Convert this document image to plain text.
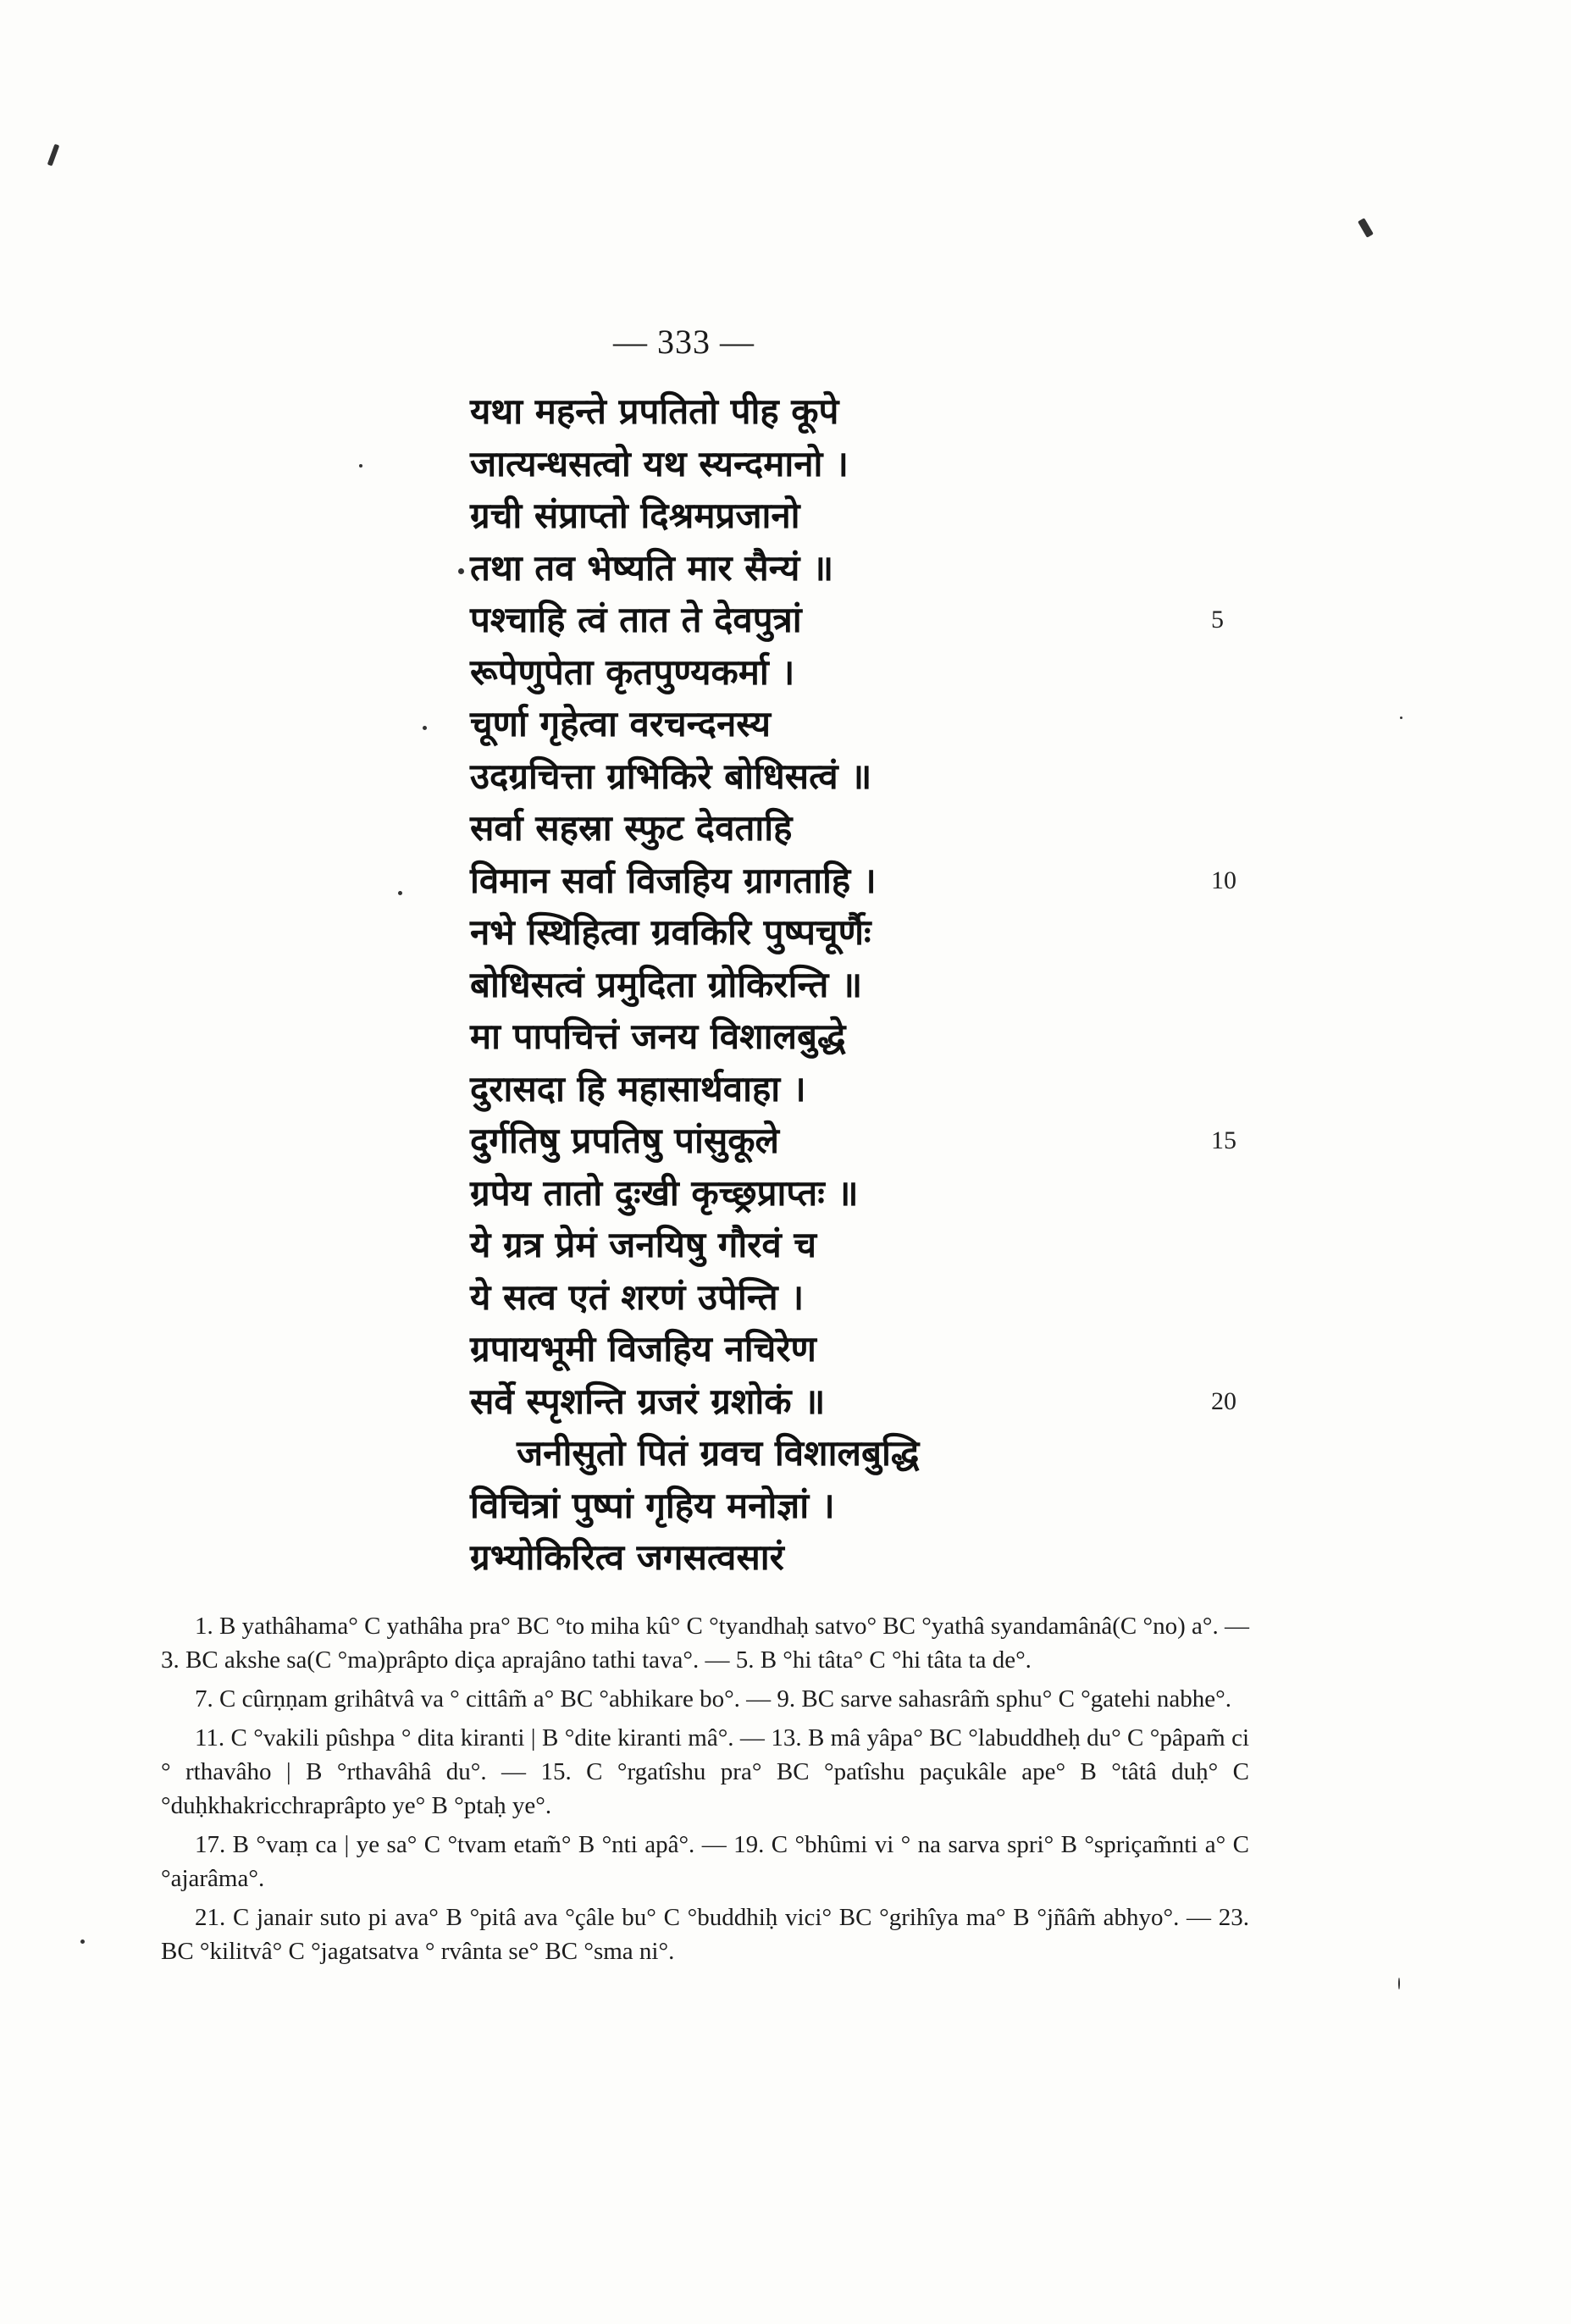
— 333 —
यथा महन्ते प्रपतितो पीह कूपे
जात्यन्धसत्वो यथ स्यन्दमानो ।
ग्रची संप्राप्तो दिश्रमप्रजानो
तथा तव भेष्यति मार सैन्यं ॥
पश्चाहि त्वं तात ते देवपुत्रां	5
रूपेणुपेता कृतपुण्यकर्मा ।
चूर्णा गृहेत्वा वरचन्दनस्य
उदग्रचित्ता ग्रभिकिरे बोधिसत्वं ॥
सर्वा सहस्रा स्फुट देवताहि
विमान सर्वा विजहिय ग्रागताहि ।	10
नभे स्थिहित्वा ग्रवकिरि पुष्पचूर्णैः
बोधिसत्वं प्रमुदिता ग्रोकिरन्ति ॥
मा पापचित्तं जनय विशालबुद्धे
दुरासदा हि महासार्थवाहा ।
दुर्गतिषु प्रपतिषु पांसुकूले	15
ग्रपेय तातो दुःखी कृच्छ्रप्राप्तः ॥
ये ग्रत्र प्रेमं जनयिषु गौरवं च
ये सत्व एतं शरणं उपेन्ति ।
ग्रपायभूमी विजहिय नचिरेण
सर्वे स्पृशन्ति ग्रजरं ग्रशोकं ॥	20
जनीसुतो पितं ग्रवच विशालबुद्धि
विचित्रां पुष्पां गृहिय मनोज्ञां ।
ग्रभ्योकिरित्व जगसत्वसारं

1. B yathâhama° C yathâha pra° BC °to miha kû° C °tyandhaḥ satvo° BC °yathâ syandamânâ(C °no) a°. — 3. BC akshe sa(C °ma)prâpto diça aprajâno tathi tava°. — 5. B °hi tâta° C °hi tâta ta de°.

7. C cûrṇṇam grihâtvâ va ° cittâm̃ a° BC °abhikare bo°. — 9. BC sarve sahasrâm̃ sphu° C °gatehi nabhe°.

11. C °vakili pûshpa ° dita kiranti | B °dite kiranti mâ°. — 13. B mâ yâpa° BC °labuddheḥ du° C °pâpam̃ ci ° rthavâho | B °rthavâhâ du°. — 15. C °rgatîshu pra° BC °patîshu paçukâle ape° B °tâtâ duḥ° C °duḥkhakricchraprâpto ye° B °ptaḥ ye°.

17. B °vaṃ ca | ye sa° C °tvam etam̃° B °nti apâ°. — 19. C °bhûmi vi ° na sarva spri° B °spriçam̃nti a° C °ajarâma°.

21. C janair suto pi ava° B °pitâ ava °çâle bu° C °buddhiḥ vici° BC °grihîya ma° B °jñâm̃ abhyo°. — 23. BC °kilitvâ° C °jagatsatva ° rvânta se° BC °sma ni°.
